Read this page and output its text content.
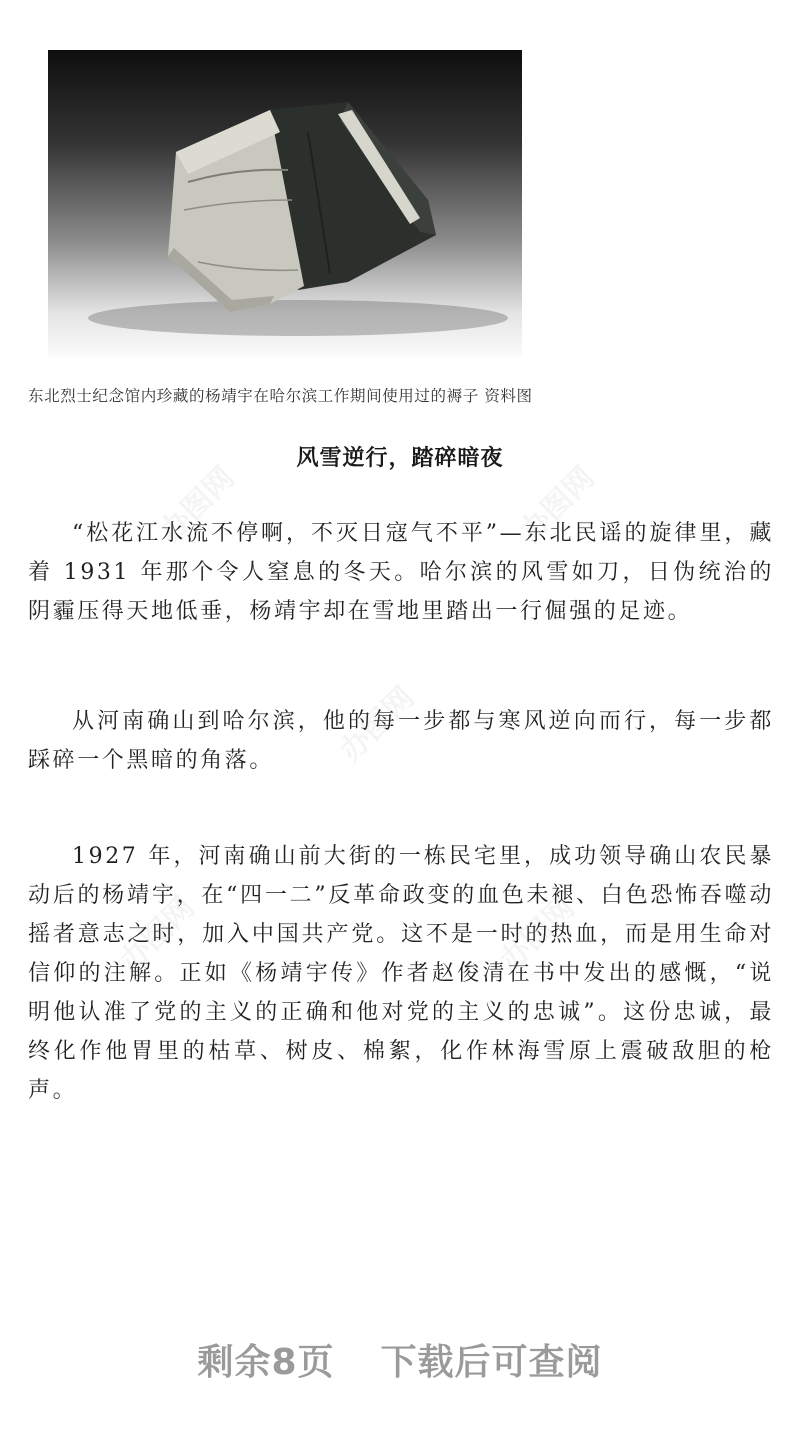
东北烈士纪念馆内珍藏的杨靖宇在哈尔滨工作期间使用过的褥子 资料图
风雪逆行，踏碎暗夜

“松花江水流不停啊，不灭日寇气不平”—东北民谣的旋律里，藏着 1931 年那个令人窒息的冬天。哈尔滨的风雪如刀，日伪统治的阴霾压得天地低垂，杨靖宇却在雪地里踏出一行倔强的足迹。

从河南确山到哈尔滨，他的每一步都与寒风逆向而行，每一步都踩碎一个黑暗的角落。

1927 年，河南确山前大街的一栋民宅里，成功领导确山农民暴动后的杨靖宇，在“四一二”反革命政变的血色未褪、白色恐怖吞噬动摇者意志之时，加入中国共产党。这不是一时的热血，而是用生命对信仰的注解。正如《杨靖宇传》作者赵俊清在书中发出的感慨，“说明他认准了党的主义的正确和他对党的主义的忠诚”。这份忠诚，最终化作他胃里的枯草、树皮、棉絮，化作林海雪原上震破敌胆的枪声。

办图网	办图网
办图网
办图网	办图网
剩余8页 下载后可查阅
